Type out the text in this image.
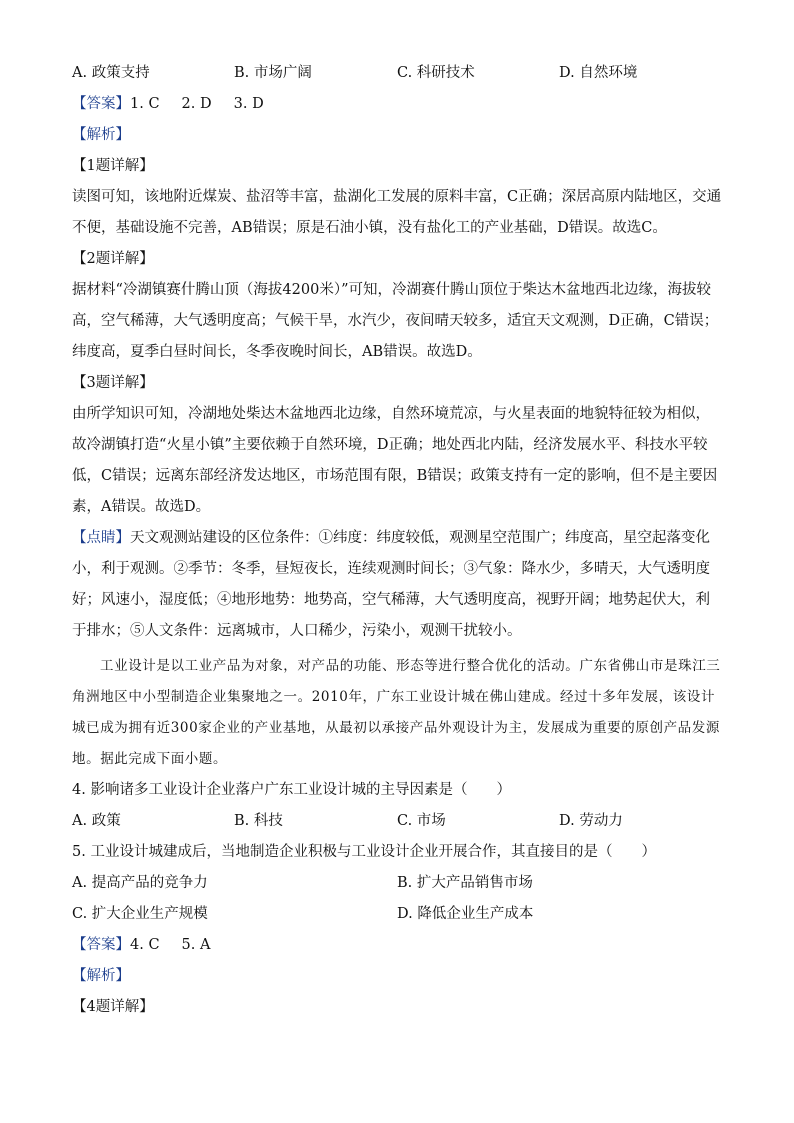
A. 政策支持	B. 市场广阔	C. 科研技术	D. 自然环境
【答案】1. C 2. D 3. D
【解析】
【1题详解】
读图可知，该地附近煤炭、盐沼等丰富，盐湖化工发展的原料丰富，C正确；深居高原内陆地区，交通不便，基础设施不完善，AB错误；原是石油小镇，没有盐化工的产业基础，D错误。故选C。
【2题详解】
据材料“冷湖镇赛什腾山顶（海拔4200米）”可知，冷湖赛什腾山顶位于柴达木盆地西北边缘，海拔较高，空气稀薄，大气透明度高；气候干旱，水汽少，夜间晴天较多，适宜天文观测，D正确，C错误；纬度高，夏季白昼时间长，冬季夜晚时间长，AB错误。故选D。
【3题详解】
由所学知识可知，冷湖地处柴达木盆地西北边缘，自然环境荒凉，与火星表面的地貌特征较为相似，故冷湖镇打造“火星小镇”主要依赖于自然环境，D正确；地处西北内陆，经济发展水平、科技水平较低，C错误；远离东部经济发达地区，市场范围有限，B错误；政策支持有一定的影响，但不是主要因素，A错误。故选D。
【点睛】天文观测站建设的区位条件：①纬度：纬度较低，观测星空范围广；纬度高，星空起落变化小，利于观测。②季节：冬季，昼短夜长，连续观测时间长；③气象：降水少，多晴天，大气透明度好；风速小，湿度低；④地形地势：地势高，空气稀薄，大气透明度高，视野开阔；地势起伏大，利于排水；⑤人文条件：远离城市，人口稀少，污染小，观测干扰较小。
工业设计是以工业产品为对象，对产品的功能、形态等进行整合优化的活动。广东省佛山市是珠江三角洲地区中小型制造企业集聚地之一。2010年，广东工业设计城在佛山建成。经过十多年发展，该设计城已成为拥有近300家企业的产业基地，从最初以承接产品外观设计为主，发展成为重要的原创产品发源地。据此完成下面小题。
4. 影响诸多工业设计企业落户广东工业设计城的主导因素是（　　）
A. 政策	B. 科技	C. 市场	D. 劳动力
5. 工业设计城建成后，当地制造企业积极与工业设计企业开展合作，其直接目的是（　　）
A. 提高产品的竞争力	B. 扩大产品销售市场
C. 扩大企业生产规模	D. 降低企业生产成本
【答案】4. C 5. A
【解析】
【4题详解】
